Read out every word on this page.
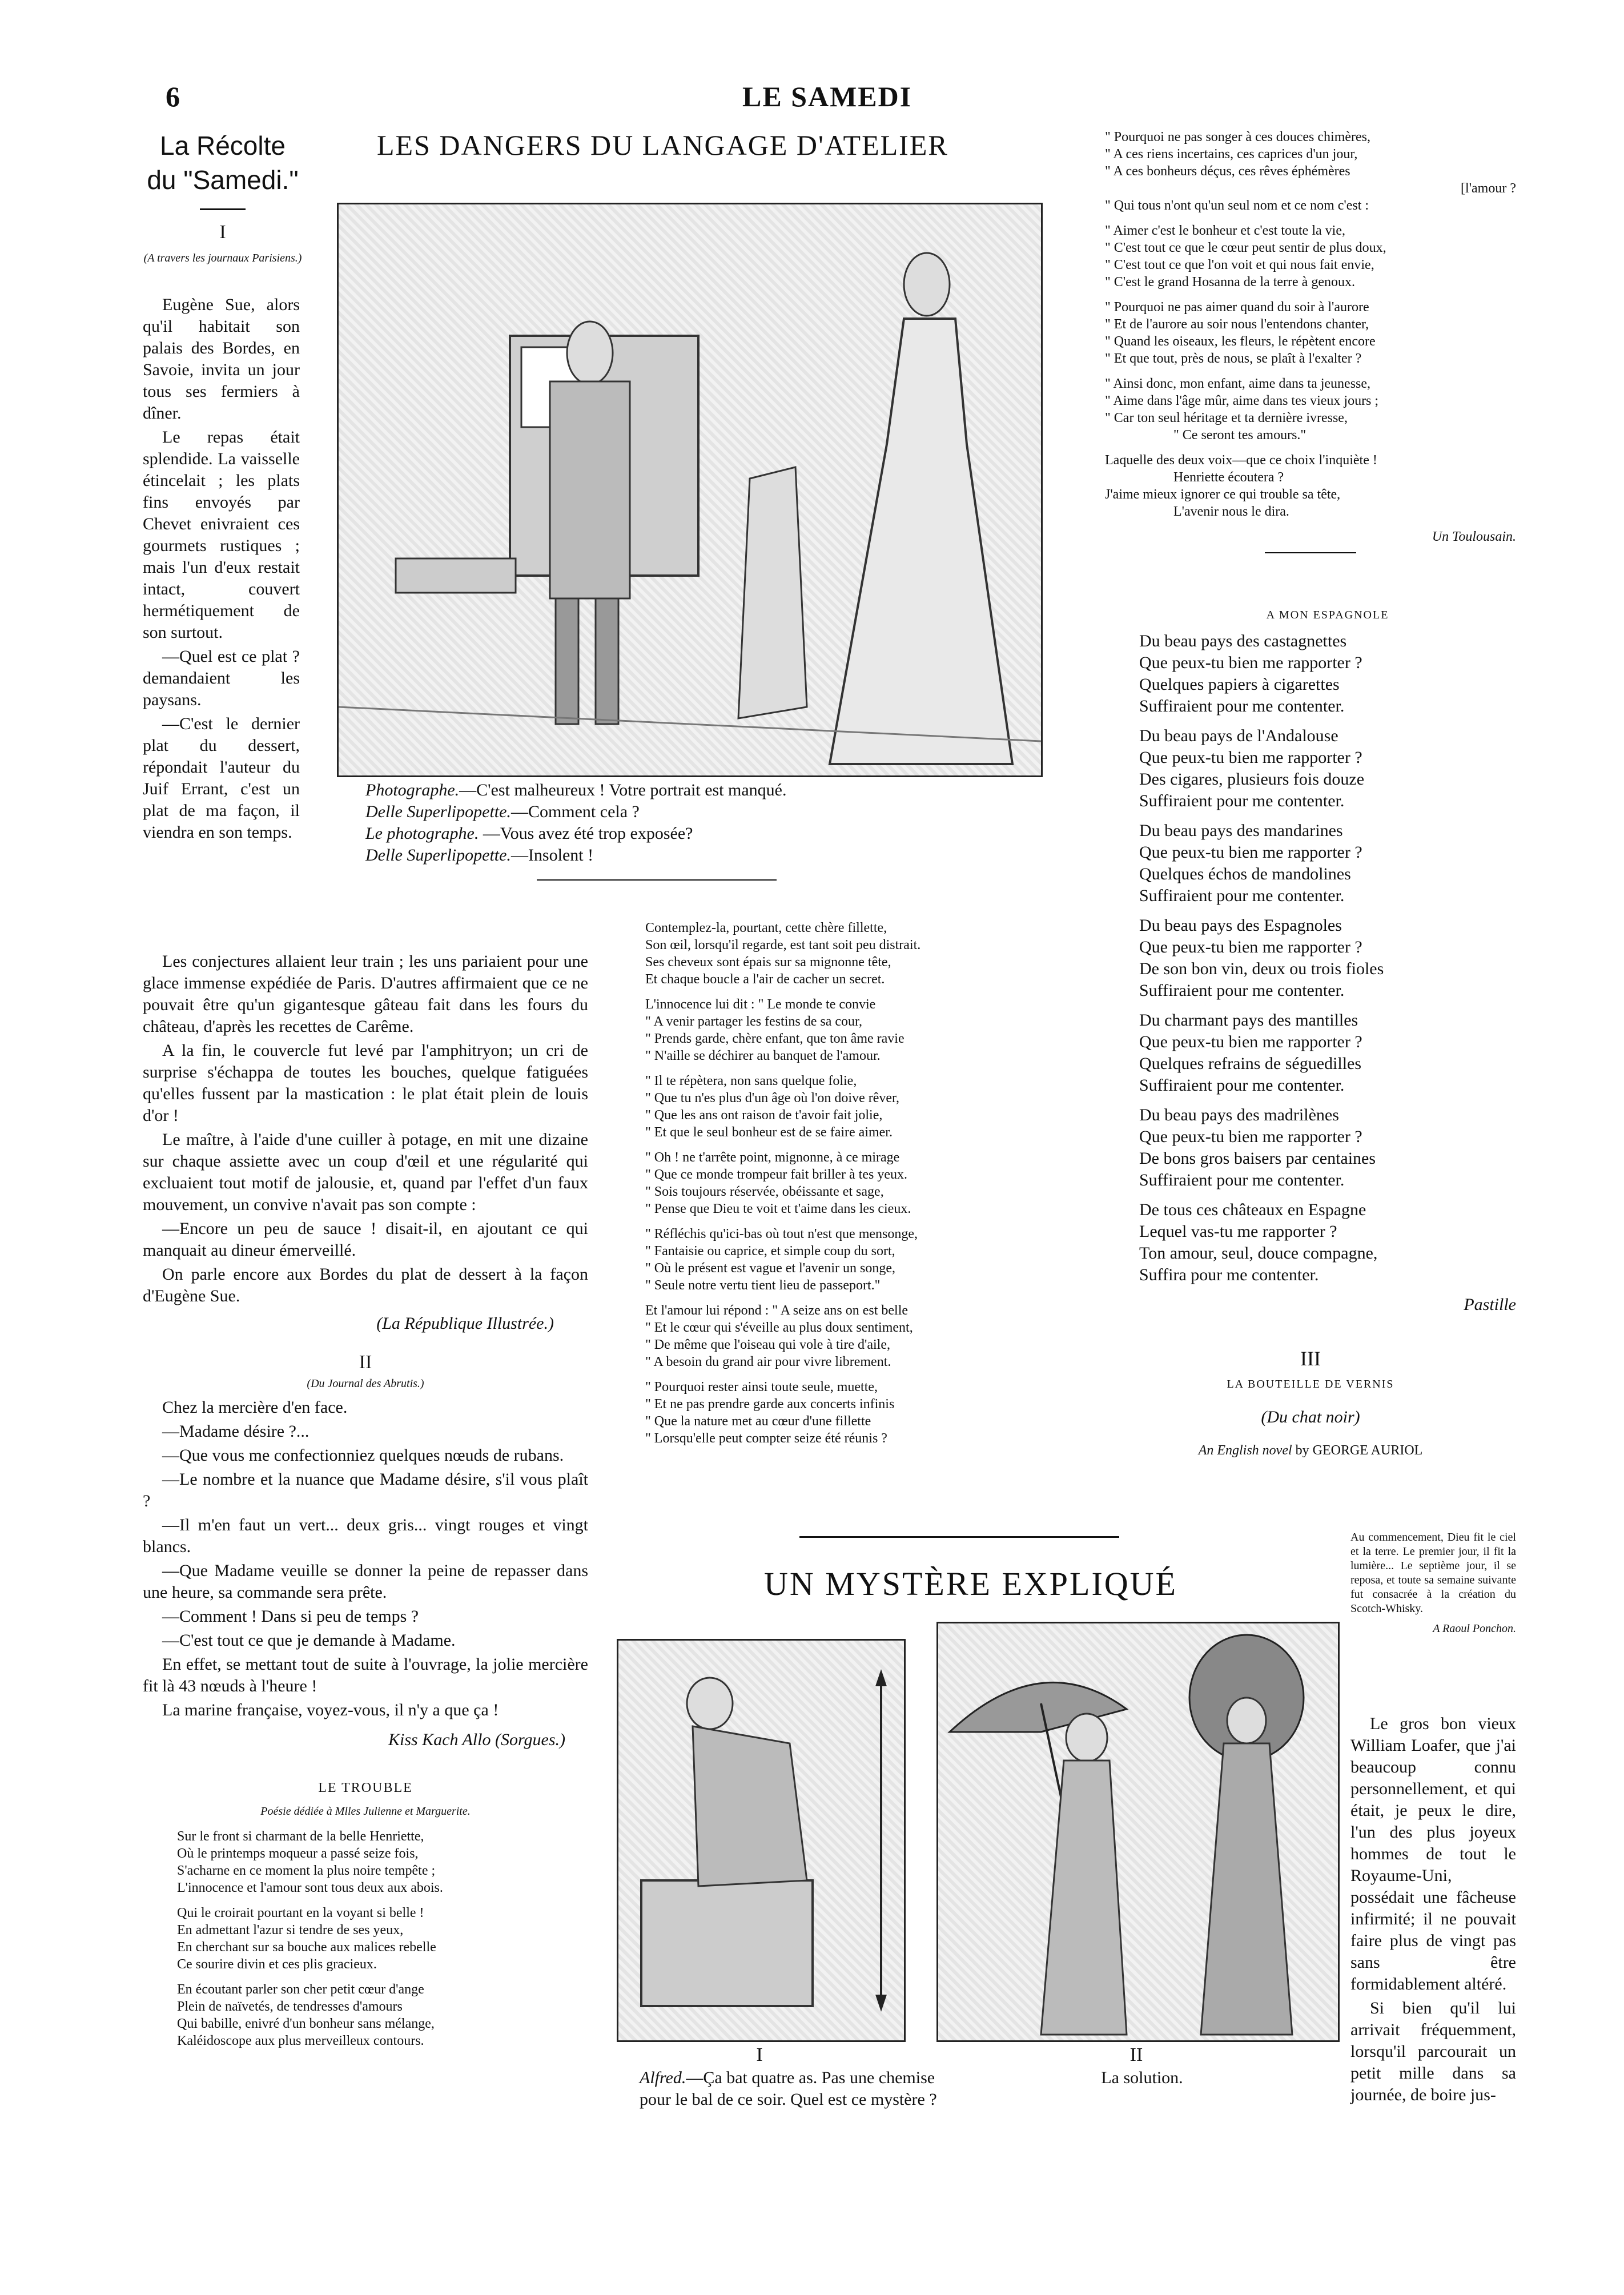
6	LE SAMEDI
La Récolte du "Samedi."
I
(A travers les journaux Parisiens.)

Eugène Sue, alors qu'il habitait son palais des Bordes, en Savoie, invita un jour tous ses fermiers à dîner.

Le repas était splendide. La vaisselle étincelait ; les plats fins envoyés par Chevet enivraient ces gourmets rustiques ; mais l'un d'eux restait intact, couvert hermétiquement de son surtout.

—Quel est ce plat ? demandaient les paysans.

—C'est le dernier plat du dessert, répondait l'auteur du Juif Errant, c'est un plat de ma façon, il viendra en son temps.

Les conjectures allaient leur train ; les uns pariaient pour une glace immense expédiée de Paris. D'autres affirmaient que ce ne pouvait être qu'un gigantesque gâteau fait dans les fours du château, d'après les recettes de Carême.

A la fin, le couvercle fut levé par l'amphitryon; un cri de surprise s'échappa de toutes les bouches, quelque fatiguées qu'elles fussent par la mastication : le plat était plein de louis d'or !

Le maître, à l'aide d'une cuiller à potage, en mit une dizaine sur chaque assiette avec un coup d'œil et une régularité qui excluaient tout motif de jalousie, et, quand par l'effet d'un faux mouvement, un convive n'avait pas son compte :

—Encore un peu de sauce ! disait-il, en ajoutant ce qui manquait au dineur émerveillé.

On parle encore aux Bordes du plat de dessert à la façon d'Eugène Sue.

(La République Illustrée.)
II
(Du Journal des Abrutis.)

Chez la mercière d'en face.

—Madame désire ?...

—Que vous me confectionniez quelques nœuds de rubans.

—Le nombre et la nuance que Madame désire, s'il vous plaît ?

—Il m'en faut un vert... deux gris... vingt rouges et vingt blancs.

—Que Madame veuille se donner la peine de repasser dans une heure, sa commande sera prête.

—Comment ! Dans si peu de temps ?

—C'est tout ce que je demande à Madame.

En effet, se mettant tout de suite à l'ouvrage, la jolie mercière fit là 43 nœuds à l'heure !

La marine française, voyez-vous, il n'y a que ça !

Kiss Kach Allo (Sorgues.)
LE TROUBLE
Poésie dédiée à Mlles Julienne et Marguerite.
Sur le front si charmant de la belle Henriette,
Où le printemps moqueur a passé seize fois,
S'acharne en ce moment la plus noire tempête ;
L'innocence et l'amour sont tous deux aux abois.
Qui le croirait pourtant en la voyant si belle !
En admettant l'azur si tendre de ses yeux,
En cherchant sur sa bouche aux malices rebelle
Ce sourire divin et ces plis gracieux.
En écoutant parler son cher petit cœur d'ange
Plein de naïvetés, de tendresses d'amours
Qui babille, enivré d'un bonheur sans mélange,
Kaléidoscope aux plus merveilleux contours.
LES DANGERS DU LANGAGE D'ATELIER
Photographe.—C'est malheureux ! Votre portrait est manqué.
Delle Superlipopette.—Comment cela ?
Le photographe. —Vous avez été trop exposée?
Delle Superlipopette.—Insolent !
Contemplez-la, pourtant, cette chère fillette,
Son œil, lorsqu'il regarde, est tant soit peu distrait.
Ses cheveux sont épais sur sa mignonne tête,
Et chaque boucle a l'air de cacher un secret.
L'innocence lui dit : " Le monde te convie
" A venir partager les festins de sa cour,
" Prends garde, chère enfant, que ton âme ravie
" N'aille se déchirer au banquet de l'amour.
" Il te répètera, non sans quelque folie,
" Que tu n'es plus d'un âge où l'on doive rêver,
" Que les ans ont raison de t'avoir fait jolie,
" Et que le seul bonheur est de se faire aimer.
" Oh ! ne t'arrête point, mignonne, à ce mirage
" Que ce monde trompeur fait briller à tes yeux.
" Sois toujours réservée, obéissante et sage,
" Pense que Dieu te voit et t'aime dans les cieux.
" Réfléchis qu'ici-bas où tout n'est que mensonge,
" Fantaisie ou caprice, et simple coup du sort,
" Où le présent est vague et l'avenir un songe,
" Seule notre vertu tient lieu de passeport."
Et l'amour lui répond : " A seize ans on est belle
" Et le cœur qui s'éveille au plus doux sentiment,
" De même que l'oiseau qui vole à tire d'aile,
" A besoin du grand air pour vivre librement.
" Pourquoi rester ainsi toute seule, muette,
" Et ne pas prendre garde aux concerts infinis
" Que la nature met au cœur d'une fillette
" Lorsqu'elle peut compter seize été réunis ?
" Pourquoi ne pas songer à ces douces chimères,
" A ces riens incertains, ces caprices d'un jour,
" A ces bonheurs déçus, ces rêves éphémères
[l'amour ?
" Qui tous n'ont qu'un seul nom et ce nom c'est :
" Aimer c'est le bonheur et c'est toute la vie,
" C'est tout ce que le cœur peut sentir de plus doux,
" C'est tout ce que l'on voit et qui nous fait envie,
" C'est le grand Hosanna de la terre à genoux.
" Pourquoi ne pas aimer quand du soir à l'aurore
" Et de l'aurore au soir nous l'entendons chanter,
" Quand les oiseaux, les fleurs, le répètent encore
" Et que tout, près de nous, se plaît à l'exalter ?
" Ainsi donc, mon enfant, aime dans ta jeunesse,
" Aime dans l'âge mûr, aime dans tes vieux jours ;
" Car ton seul héritage et ta dernière ivresse,
" Ce seront tes amours."
Laquelle des deux voix—que ce choix l'inquiète !
Henriette écoutera ?
J'aime mieux ignorer ce qui trouble sa tête,
L'avenir nous le dira.
Un Toulousain.
A MON ESPAGNOLE
Du beau pays des castagnettes
Que peux-tu bien me rapporter ?
Quelques papiers à cigarettes
Suffiraient pour me contenter.
Du beau pays de l'Andalouse
Que peux-tu bien me rapporter ?
Des cigares, plusieurs fois douze
Suffiraient pour me contenter.
Du beau pays des mandarines
Que peux-tu bien me rapporter ?
Quelques échos de mandolines
Suffiraient pour me contenter.
Du beau pays des Espagnoles
Que peux-tu bien me rapporter ?
De son bon vin, deux ou trois fioles
Suffiraient pour me contenter.
Du charmant pays des mantilles
Que peux-tu bien me rapporter ?
Quelques refrains de séguedilles
Suffiraient pour me contenter.
Du beau pays des madrilènes
Que peux-tu bien me rapporter ?
De bons gros baisers par centaines
Suffiraient pour me contenter.
De tous ces châteaux en Espagne
Lequel vas-tu me rapporter ?
Ton amour, seul, douce compagne,
Suffira pour me contenter.
Pastille
III
LA BOUTEILLE DE VERNIS
(Du chat noir)
An English novel by GEORGE AURIOL
Au commencement, Dieu fit le ciel et la terre. Le premier jour, il fit la lumière... Le septième jour, il se reposa, et toute sa semaine suivante fut consacrée à la création du Scotch-Whisky.
A Raoul Ponchon.

Le gros bon vieux William Loafer, que j'ai beaucoup connu personnellement, et qui était, je peux le dire, l'un des plus joyeux hommes de tout le Royaume-Uni, possédait une fâcheuse infirmité; il ne pouvait faire plus de vingt pas sans être formidablement altéré.

Si bien qu'il lui arrivait fréquemment, lorsqu'il parcourait un petit mille dans sa journée, de boire jus-

UN MYSTÈRE EXPLIQUÉ
I	II
Alfred.—Ça bat quatre as. Pas une chemise pour le bal de ce soir. Quel est ce mystère ?
La solution.
